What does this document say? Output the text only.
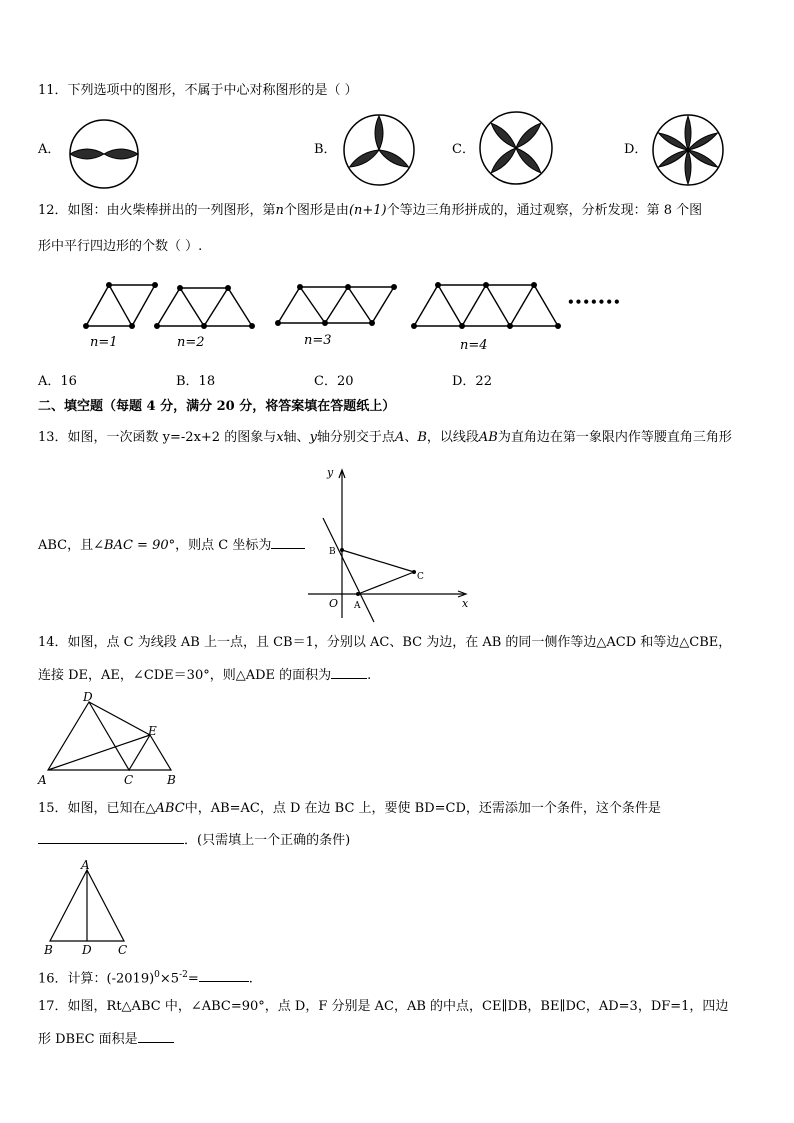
11．下列选项中的图形，不属于中心对称图形的是（ ）
A．	B．	C．	D．
12．如图：由火柴棒拼出的一列图形，第n个图形是由(n+1)个等边三角形拼成的，通过观察，分析发现：第 8 个图
形中平行四边形的个数（ ）.
•••••••
n=1	n=2	n=3	n=4
A．16	B．18	C．20	D．22
二、填空题（每题 4 分，满分 20 分，将答案填在答题纸上）
13．如图，一次函数 y=-2x+2 的图象与x轴、y轴分别交于点A、B，以线段AB为直角边在第一象限内作等腰直角三角形
ABC，且∠BAC = 90°，则点 C 坐标为
y
x
O A
B
C
14．如图，点 C 为线段 AB 上一点，且 CB＝1，分别以 AC、BC 为边，在 AB 的同一侧作等边△ACD 和等边△CBE，
连接 DE，AE，∠CDE＝30°，则△ADE 的面积为	.
D
E
A	C	B
15．如图，已知在△ABC中，AB=AC，点 D 在边 BC 上，要使 BD=CD，还需添加一个条件，这个条件是
．(只需填上一个正确的条件)
A
B D C
16．计算：$(-2019)^0\times 5^{-2}=$	.
17．如图，Rt△ABC 中，∠ABC=90°，点 D，F 分别是 AC，AB 的中点，CE∥DB，BE∥DC，AD=3，DF=1，四边
形 DBEC 面积是
